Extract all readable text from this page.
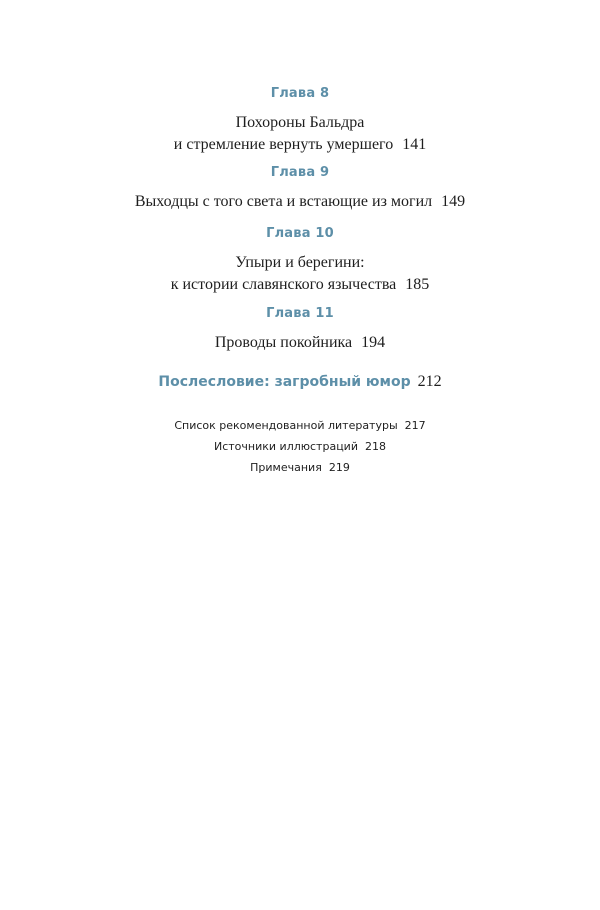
Глава 8
Похороны Бальдра
и стремление вернуть умершего 141
Глава 9
Выходцы с того света и встающие из могил 149
Глава 10
Упыри и берегини:
к истории славянского язычества 185
Глава 11
Проводы покойника 194
Послесловие: загробный юмор 212
Список рекомендованной литературы 217
Источники иллюстраций 218
Примечания 219
